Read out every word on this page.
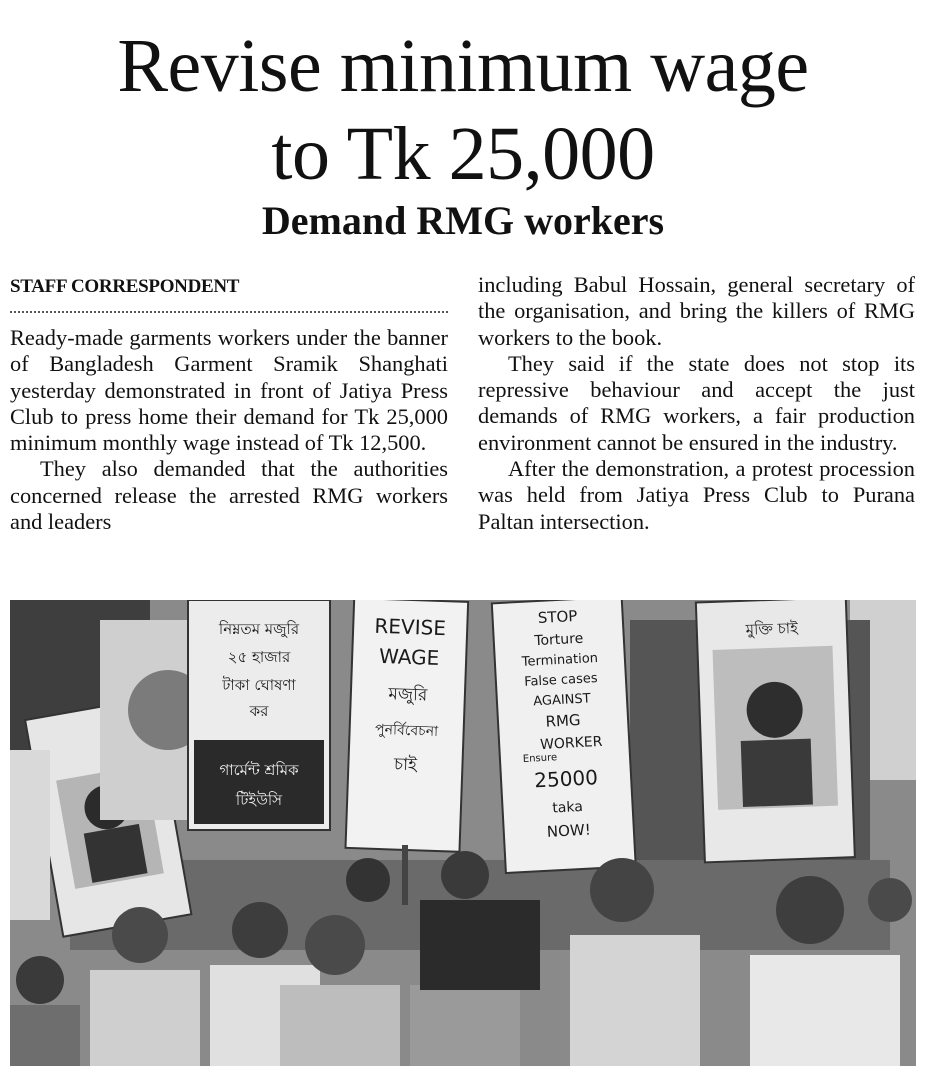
Revise minimum wage
to Tk 25,000
Demand RMG workers
STAFF CORRESPONDENT

Ready-made garments workers under the banner of Bangladesh Garment Sramik Shanghati yesterday demonstrated in front of Jatiya Press Club to press home their demand for Tk 25,000 minimum monthly wage instead of Tk 12,500.

They also demanded that the authorities concerned release the arrested RMG workers and leaders

including Babul Hossain, general secretary of the organisation, and bring the killers of RMG workers to the book.

They said if the state does not stop its repressive behaviour and accept the just demands of RMG workers, a fair production environment cannot be ensured in the industry.

After the demonstration, a protest procession was held from Jatiya Press Club to Purana Paltan intersection.

নিম্নতম মজুরি
২৫ হাজার
টাকা ঘোষণা
কর
গার্মেন্ট শ্রমিক
টিইউসি
REVISE
WAGE
মজুরি
পুনর্বিবেচনা
চাই
STOP
Torture
Termination
False cases
AGAINST
RMG
WORKER
Ensure
25000
taka
NOW!
মুক্তি চাই
